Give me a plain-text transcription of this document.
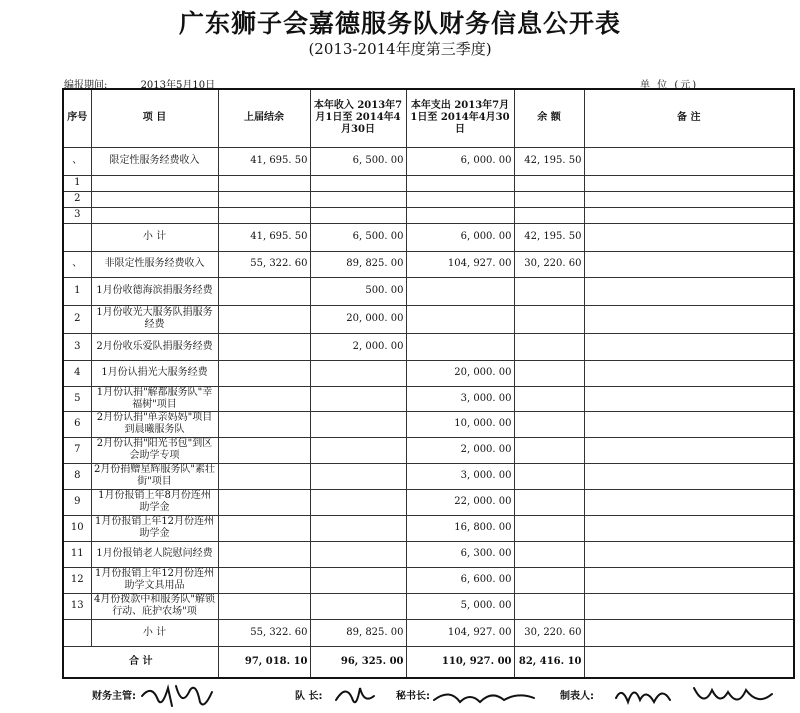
广东狮子会嘉德服务队财务信息公开表
(2013-2014年度第三季度)
编报期间:	2013年5月10日	单 位 (元)
序号	项 目	上届结余	本年收入 2013年7月1日至 2014年4月30日	本年支出 2013年7月1日至 2014年4月30日	余 额	备 注
、	限定性服务经费收入	41, 695. 50	6, 500. 00	6, 000. 00	42, 195. 50	
1						
2						
3						
	小 计	41, 695. 50	6, 500. 00	6, 000. 00	42, 195. 50	
、	非限定性服务经费收入	55, 322. 60	89, 825. 00	104, 927. 00	30, 220. 60	
1	1月份收德海滨捐服务经费		500. 00			
2	1月份收光大服务队捐服务经费		20, 000. 00			
3	2月份收乐爱队捐服务经费		2, 000. 00			
4	1月份认捐光大服务经费			20, 000. 00		
5	1月份认捐"解都服务队"幸福树"项目			3, 000. 00		
6	2月份认捐"单亲妈妈"项目到晨曦服务队			10, 000. 00		
7	2月份认捐"阳光书包"到区会助学专项			2, 000. 00		
8	2月份捐赠星辉服务队"素壮街"项目			3, 000. 00		
9	1月份报销上年8月份连州助学金			22, 000. 00		
10	1月份报销上年12月份连州助学金			16, 800. 00		
11	1月份报销老人院慰问经费			6, 300. 00		
12	1月份报销上年12月份连州助学文具用品			6, 600. 00		
13	4月份拨款中和服务队"解锁行动、庇护农场"项			5, 000. 00		
	小 计	55, 322. 60	89, 825. 00	104, 927. 00	30, 220. 60	
合 计		97, 018. 10	96, 325. 00	110, 927. 00	82, 416. 10	
财务主管:	队 长:	秘书长:	制表人:
